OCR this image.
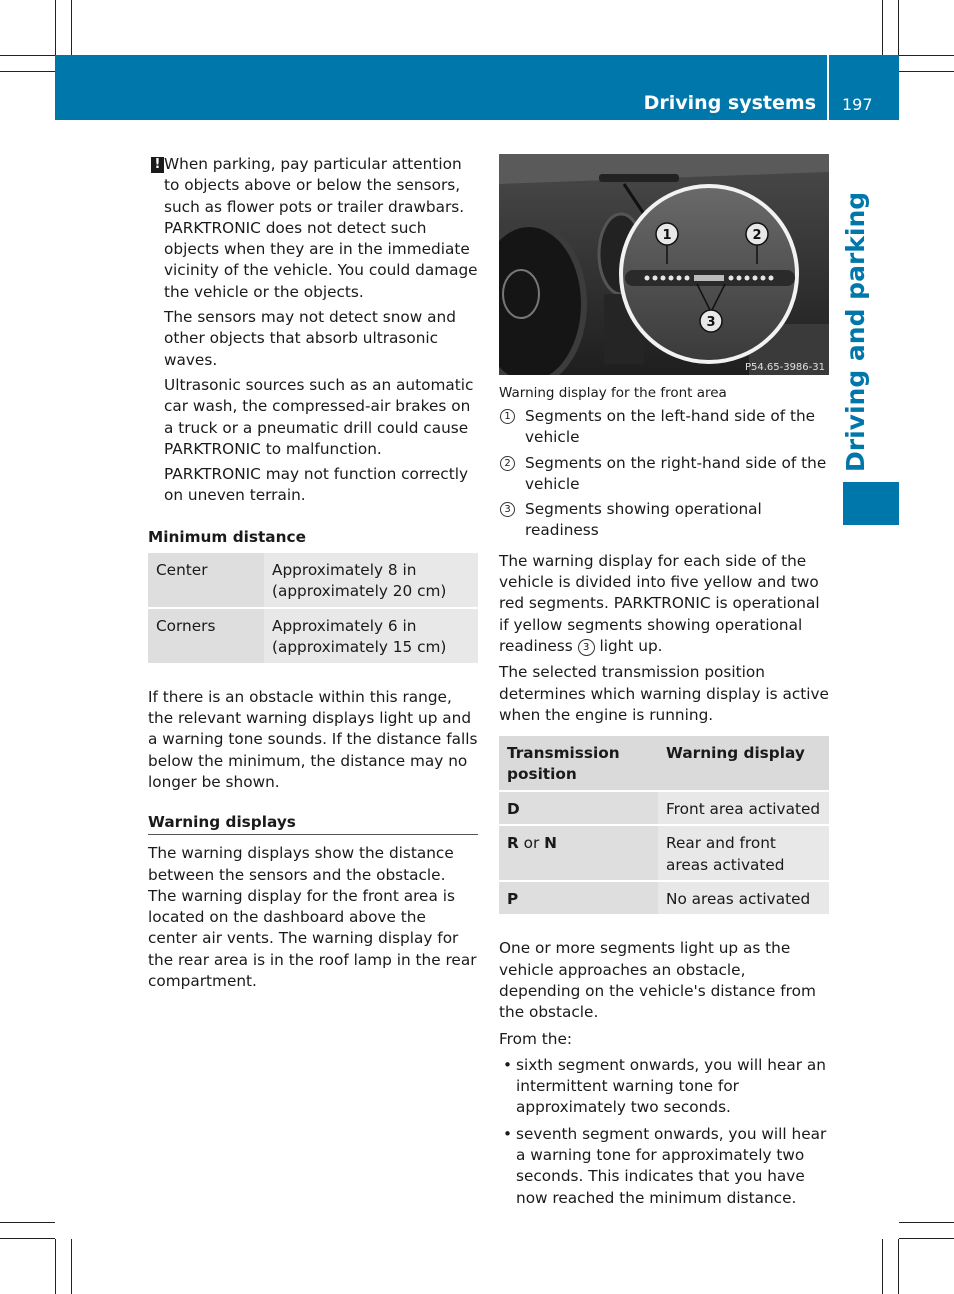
Driving systems	197
Driving and parking
! When parking, pay particular attention to objects above or below the sensors, such as flower pots or trailer drawbars. PARKTRONIC does not detect such objects when they are in the immediate vicinity of the vehicle. You could damage the vehicle or the objects.

The sensors may not detect snow and other objects that absorb ultrasonic waves.

Ultrasonic sources such as an automatic car wash, the compressed-air brakes on a truck or a pneumatic drill could cause PARKTRONIC to malfunction.

PARKTRONIC may not function correctly on uneven terrain.

Minimum distance
Center	Approximately 8 in (approximately 20 cm)
Corners	Approximately 6 in (approximately 15 cm)

If there is an obstacle within this range, the relevant warning displays light up and a warning tone sounds. If the distance falls below the minimum, the distance may no longer be shown.

Warning displays

The warning displays show the distance between the sensors and the obstacle. The warning display for the front area is located on the dashboard above the center air vents. The warning display for the rear area is in the roof lamp in the rear compartment.

1	2
3
P54.65-3986-31
Warning display for the front area
1 Segments on the left-hand side of the vehicle
2 Segments on the right-hand side of the vehicle
3 Segments showing operational readiness

The warning display for each side of the vehicle is divided into five yellow and two red segments. PARKTRONIC is operational if yellow segments showing operational readiness 3 light up.

The selected transmission position determines which warning display is active when the engine is running.

Transmission position	Warning display
D	Front area activated
R or N	Rear and front areas activated
P	No areas activated

One or more segments light up as the vehicle approaches an obstacle, depending on the vehicle's distance from the obstacle.

From the:

• sixth segment onwards, you will hear an intermittent warning tone for approximately two seconds.
• seventh segment onwards, you will hear a warning tone for approximately two seconds. This indicates that you have now reached the minimum distance.
